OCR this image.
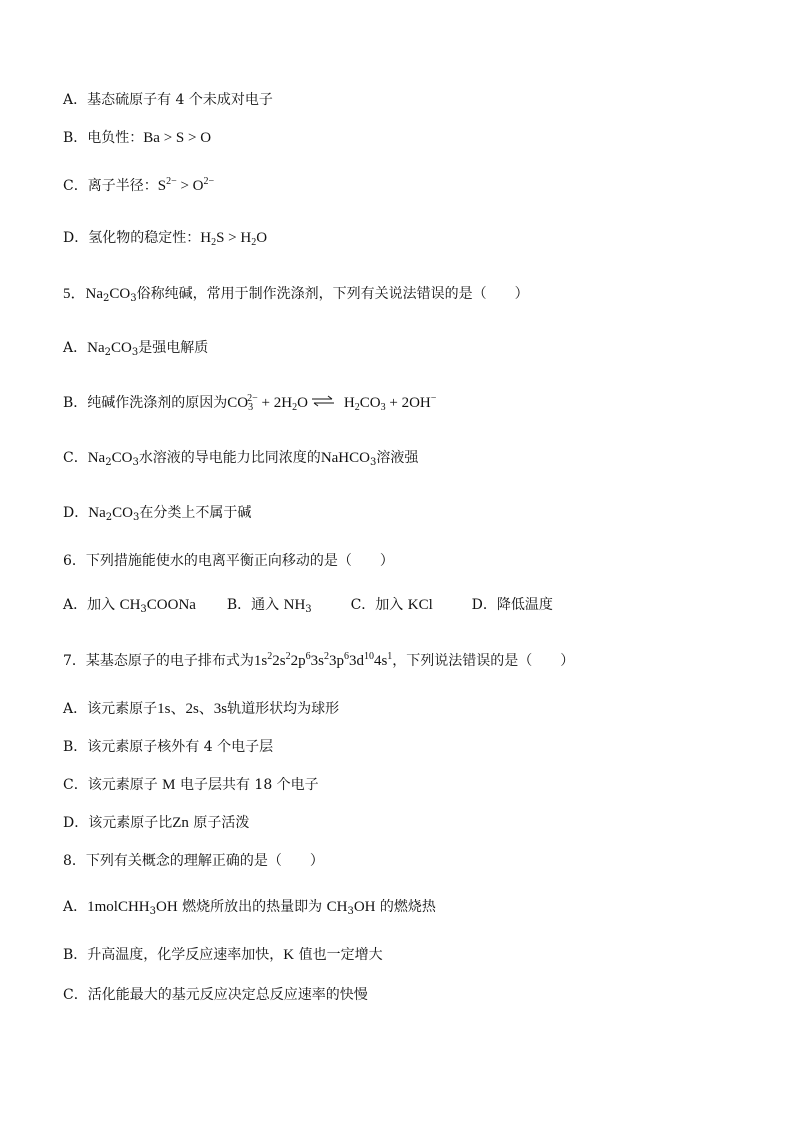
A．基态硫原子有 4 个未成对电子
B．电负性：Ba > S > O
C．离子半径：$S^{2-} > O^{2-}$
D．氢化物的稳定性：$H_2S > H_2O$
5．$Na_2CO_3$俗称纯碱，常用于制作洗涤剂，下列有关说法错误的是（　　）
A．$Na_2CO_3$是强电解质
B．纯碱作洗涤剂的原因为$CO_3^{2-} + 2H_2O$ ⇌ $H_2CO_3 + 2OH^-$
C．$Na_2CO_3$水溶液的导电能力比同浓度的NaHCO$_3$溶液强
D．$Na_2CO_3$在分类上不属于碱
6．下列措施能使水的电离平衡正向移动的是（　　）
A．加入 $CH_3COONa$ B．通入 $NH_3$	C．加入 KCl	D．降低温度
7．某基态原子的电子排布式为$1s^22s^22p^63s^23p^63d^{10}4s^1$，下列说法错误的是（　　）
A．该元素原子1s、2s、3s轨道形状均为球形
B．该元素原子核外有 4 个电子层
C．该元素原子 M 电子层共有 18 个电子
D．该元素原子比Zn 原子活泼
8．下列有关概念的理解正确的是（　　）
A．1molCHH$_3$OH 燃烧所放出的热量即为 $CH_3OH$ 的燃烧热
B．升高温度，化学反应速率加快，K 值也一定增大
C．活化能最大的基元反应决定总反应速率的快慢
